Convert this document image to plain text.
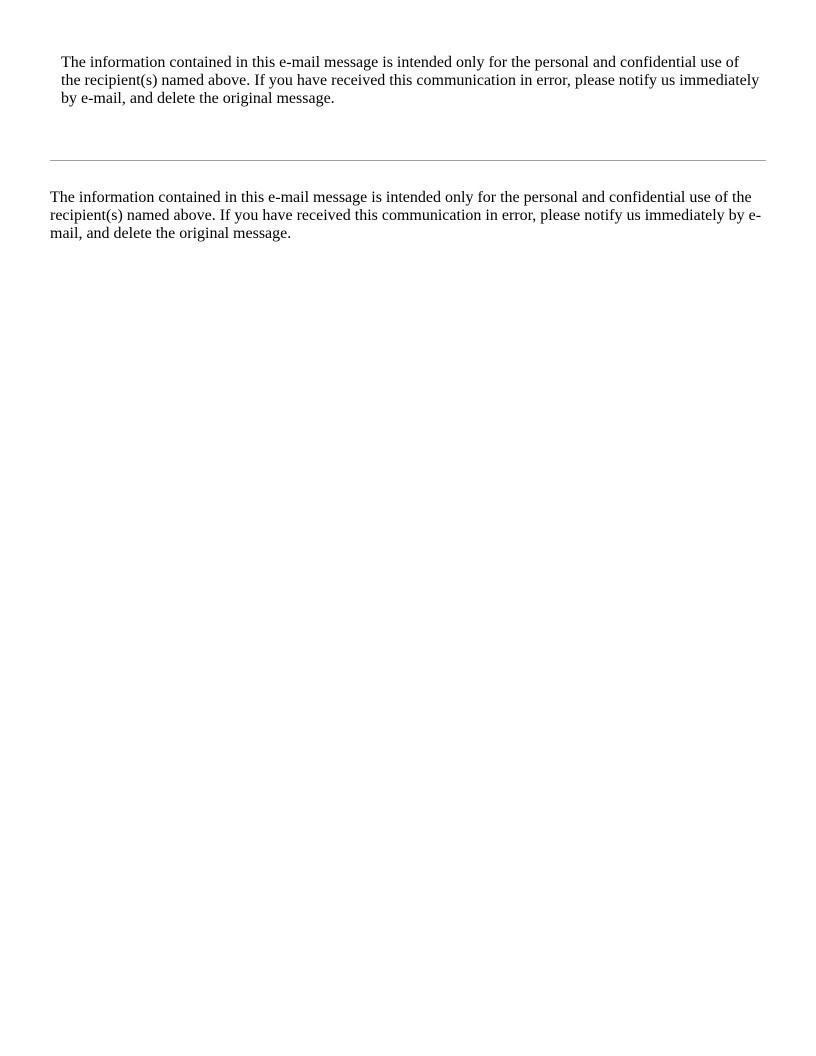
The information contained in this e-mail message is intended only for the personal and confidential use of the recipient(s) named above. If you have received this communication in error, please notify us immediately by e-mail, and delete the original message.

The information contained in this e-mail message is intended only for the personal and confidential use of the recipient(s) named above. If you have received this communication in error, please notify us immediately by e-mail, and delete the original message.
